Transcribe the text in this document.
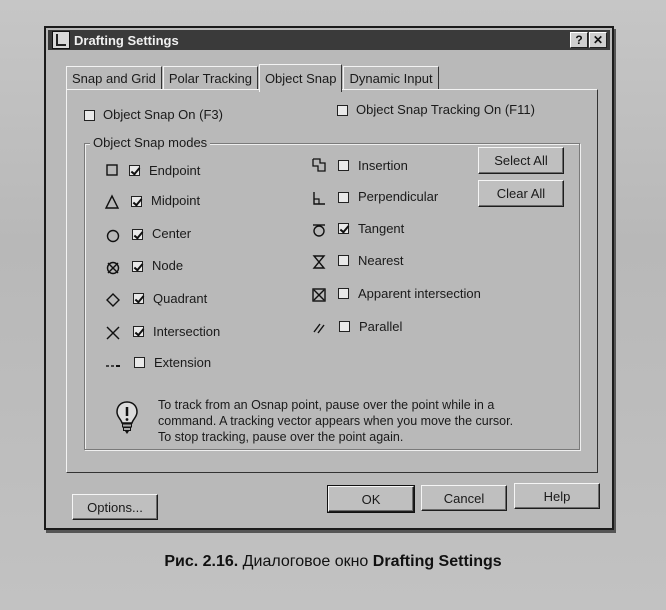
Drafting Settings	? ✕
Snap and Grid	Polar Tracking	Object Snap	Dynamic Input
Object Snap On (F3)	Object Snap Tracking On (F11)
Object Snap modes
Endpoint
Midpoint
Center
Node
Quadrant
Intersection
Extension
Insertion
Perpendicular
Tangent
Nearest
Apparent intersection
Parallel
Select All
Clear All
To track from an Osnap point, pause over the point while in a
command. A tracking vector appears when you move the cursor.
To stop tracking, pause over the point again.
Options...
OK	Cancel	Help
Рис. 2.16. Диалоговое окно Drafting Settings
